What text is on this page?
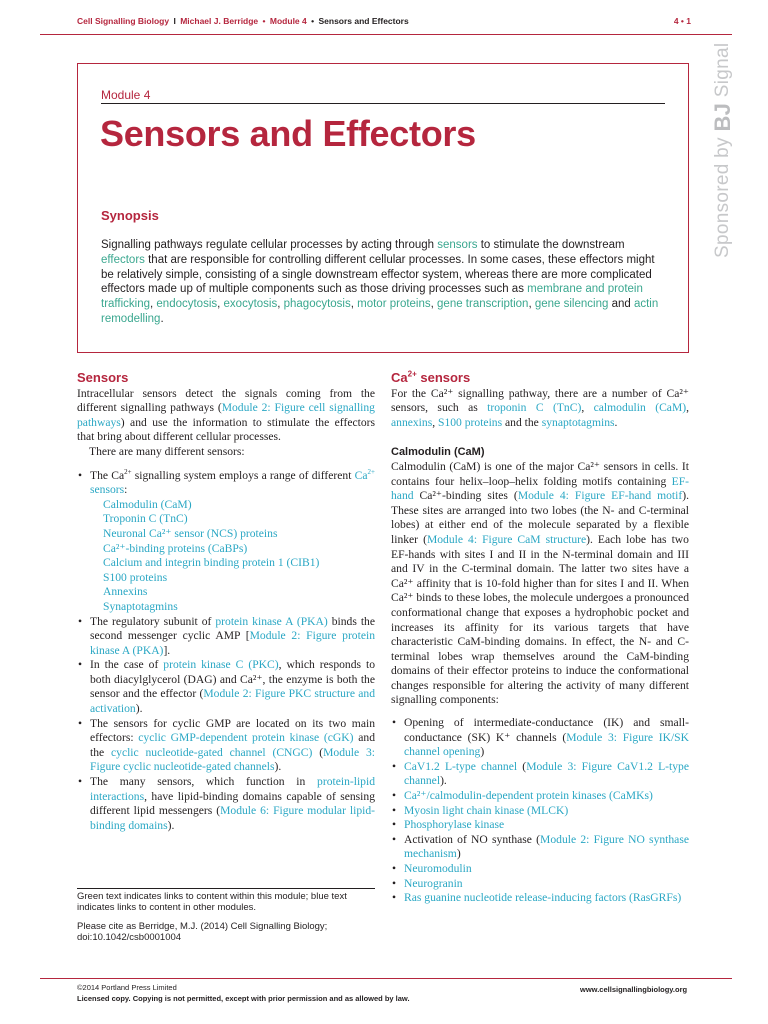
Cell Signalling Biology I Michael J. Berridge • Module 4 • Sensors and Effectors	4 • 1
Sponsored by BJ Signal
Module 4
Sensors and Effectors
Synopsis
Signalling pathways regulate cellular processes by acting through sensors to stimulate the downstream effectors that are responsible for controlling different cellular processes. In some cases, these effectors might be relatively simple, consisting of a single downstream effector system, whereas there are more complicated effectors made up of multiple components such as those driving processes such as membrane and protein trafficking, endocytosis, exocytosis, phagocytosis, motor proteins, gene transcription, gene silencing and actin remodelling.
Sensors

Intracellular sensors detect the signals coming from the different signalling pathways (Module 2: Figure cell signalling pathways) and use the information to stimulate the effectors that bring about different cellular processes.

There are many different sensors:

• The $Ca^{2+}$ signalling system employs a range of different $Ca^{2+}$ sensors:
Calmodulin (CaM)
Troponin C (TnC)
Neuronal Ca²⁺ sensor (NCS) proteins
Ca²⁺-binding proteins (CaBPs)
Calcium and integrin binding protein 1 (CIB1)
S100 proteins
Annexins
Synaptotagmins
• The regulatory subunit of protein kinase A (PKA) binds the second messenger cyclic AMP [Module 2: Figure protein kinase A (PKA)].
• In the case of protein kinase C (PKC), which responds to both diacylglycerol (DAG) and Ca²⁺, the enzyme is both the sensor and the effector (Module 2: Figure PKC structure and activation).
• The sensors for cyclic GMP are located on its two main effectors: cyclic GMP-dependent protein kinase (cGK) and the cyclic nucleotide-gated channel (CNGC) (Module 3: Figure cyclic nucleotide-gated channels).
• The many sensors, which function in protein-lipid interactions, have lipid-binding domains capable of sensing different lipid messengers (Module 6: Figure modular lipid-binding domains).
$Ca^{2+}$ sensors

For the Ca²⁺ signalling pathway, there are a number of Ca²⁺ sensors, such as troponin C (TnC), calmodulin (CaM), annexins, S100 proteins and the synaptotagmins.

Calmodulin (CaM)

Calmodulin (CaM) is one of the major Ca²⁺ sensors in cells. It contains four helix–loop–helix folding motifs containing EF-hand Ca²⁺-binding sites (Module 4: Figure EF-hand motif). These sites are arranged into two lobes (the N- and C-terminal lobes) at either end of the molecule separated by a flexible linker (Module 4: Figure CaM structure). Each lobe has two EF-hands with sites I and II in the N-terminal domain and III and IV in the C-terminal domain. The latter two sites have a Ca²⁺ affinity that is 10-fold higher than for sites I and II. When Ca²⁺ binds to these lobes, the molecule undergoes a pronounced conformational change that exposes a hydrophobic pocket and increases its affinity for its various targets that have characteristic CaM-binding domains. In effect, the N- and C-terminal lobes wrap themselves around the CaM-binding domains of their effector proteins to induce the conformational changes responsible for altering the activity of many different signalling components:

• Opening of intermediate-conductance (IK) and small-conductance (SK) K⁺ channels (Module 3: Figure IK/SK channel opening)
• CaV1.2 L-type channel (Module 3: Figure CaV1.2 L-type channel).
• Ca²⁺/calmodulin-dependent protein kinases (CaMKs)
• Myosin light chain kinase (MLCK)
• Phosphorylase kinase
• Activation of NO synthase (Module 2: Figure NO synthase mechanism)
• Neuromodulin
• Neurogranin
• Ras guanine nucleotide release-inducing factors (RasGRFs)
Green text indicates links to content within this module; blue text indicates links to content in other modules.
Please cite as Berridge, M.J. (2014) Cell Signalling Biology; doi:10.1042/csb0001004
©2014 Portland Press Limited
Licensed copy. Copying is not permitted, except with prior permission and as allowed by law.
www.cellsignallingbiology.org
